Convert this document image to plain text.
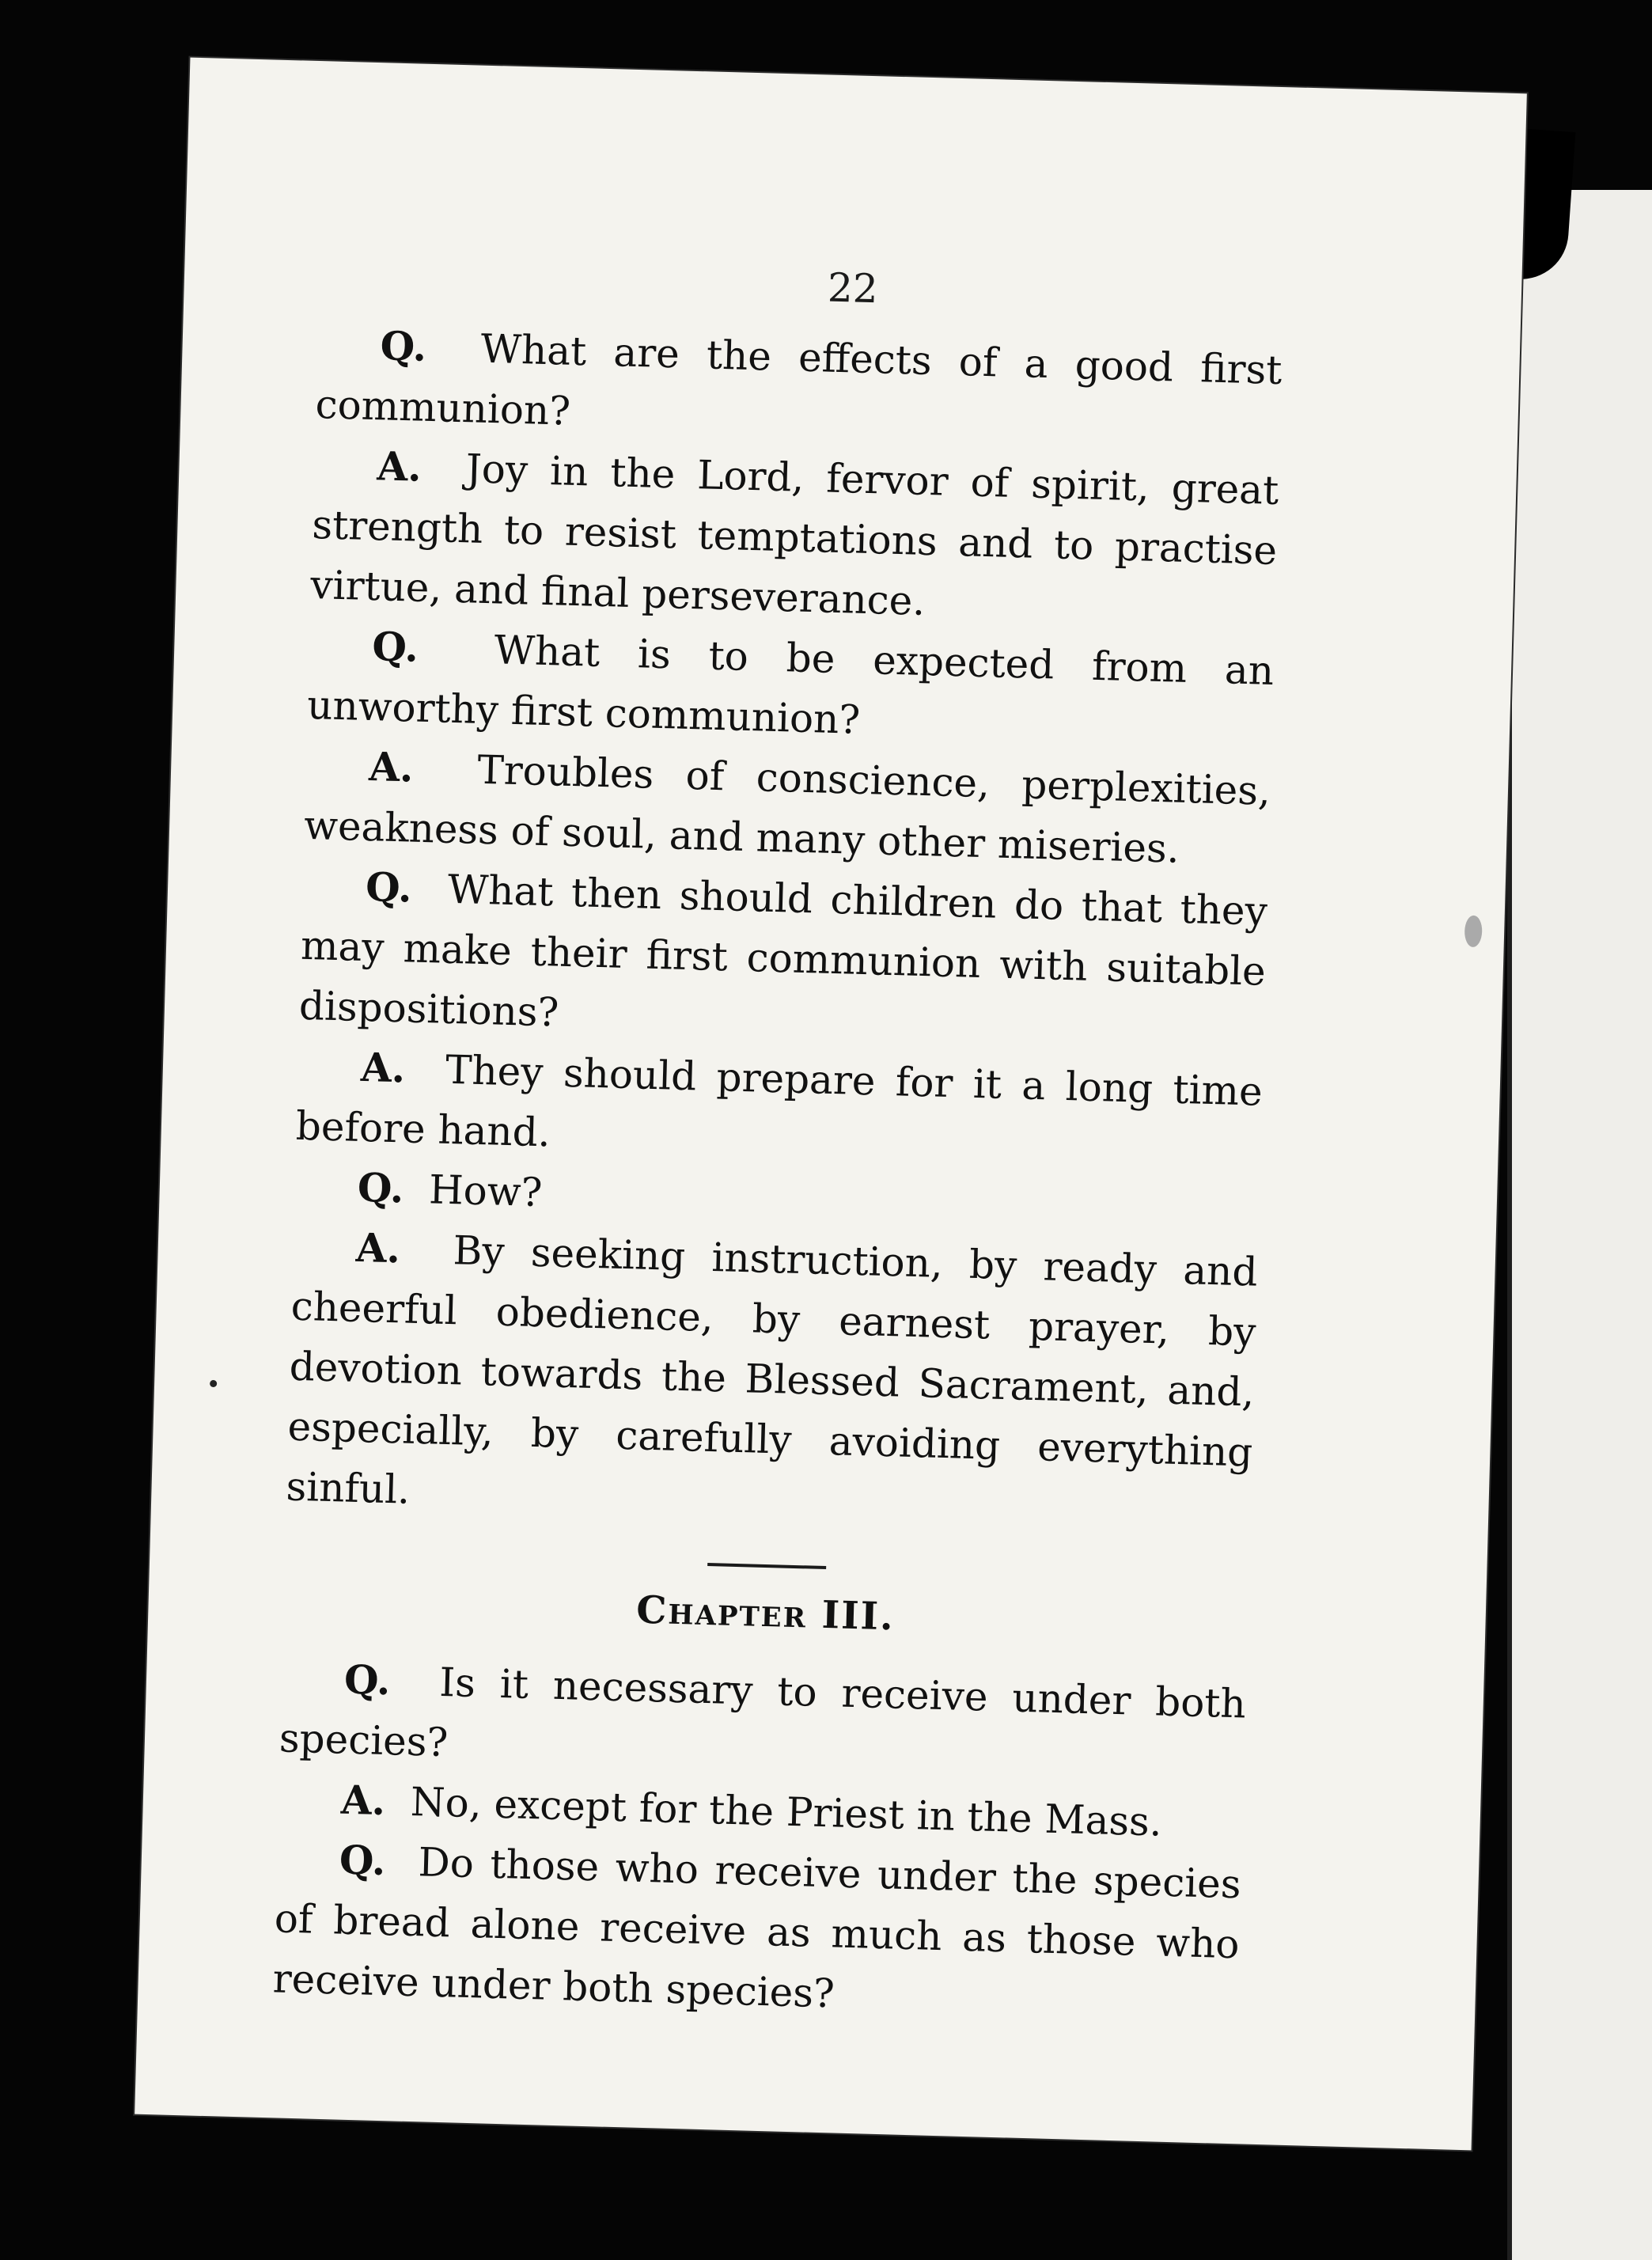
22

Q. What are the effects of a good first communion?

A. Joy in the Lord, fervor of spirit, great strength to resist temptations and to practise virtue, and final perseverance.

Q. What is to be expected from an unworthy first communion?

A. Troubles of conscience, perplexities, weakness of soul, and many other miseries.

Q. What then should children do that they may make their first communion with suitable dispositions?

A. They should prepare for it a long time before hand.

Q. How?

A. By seeking instruction, by ready and cheerful obedience, by earnest prayer, by devotion towards the Blessed Sacrament, and, especially, by carefully avoiding everything sinful.

Chapter III.

Q. Is it necessary to receive under both species?

A. No, except for the Priest in the Mass.

Q. Do those who receive under the species of bread alone receive as much as those who receive under both species?
